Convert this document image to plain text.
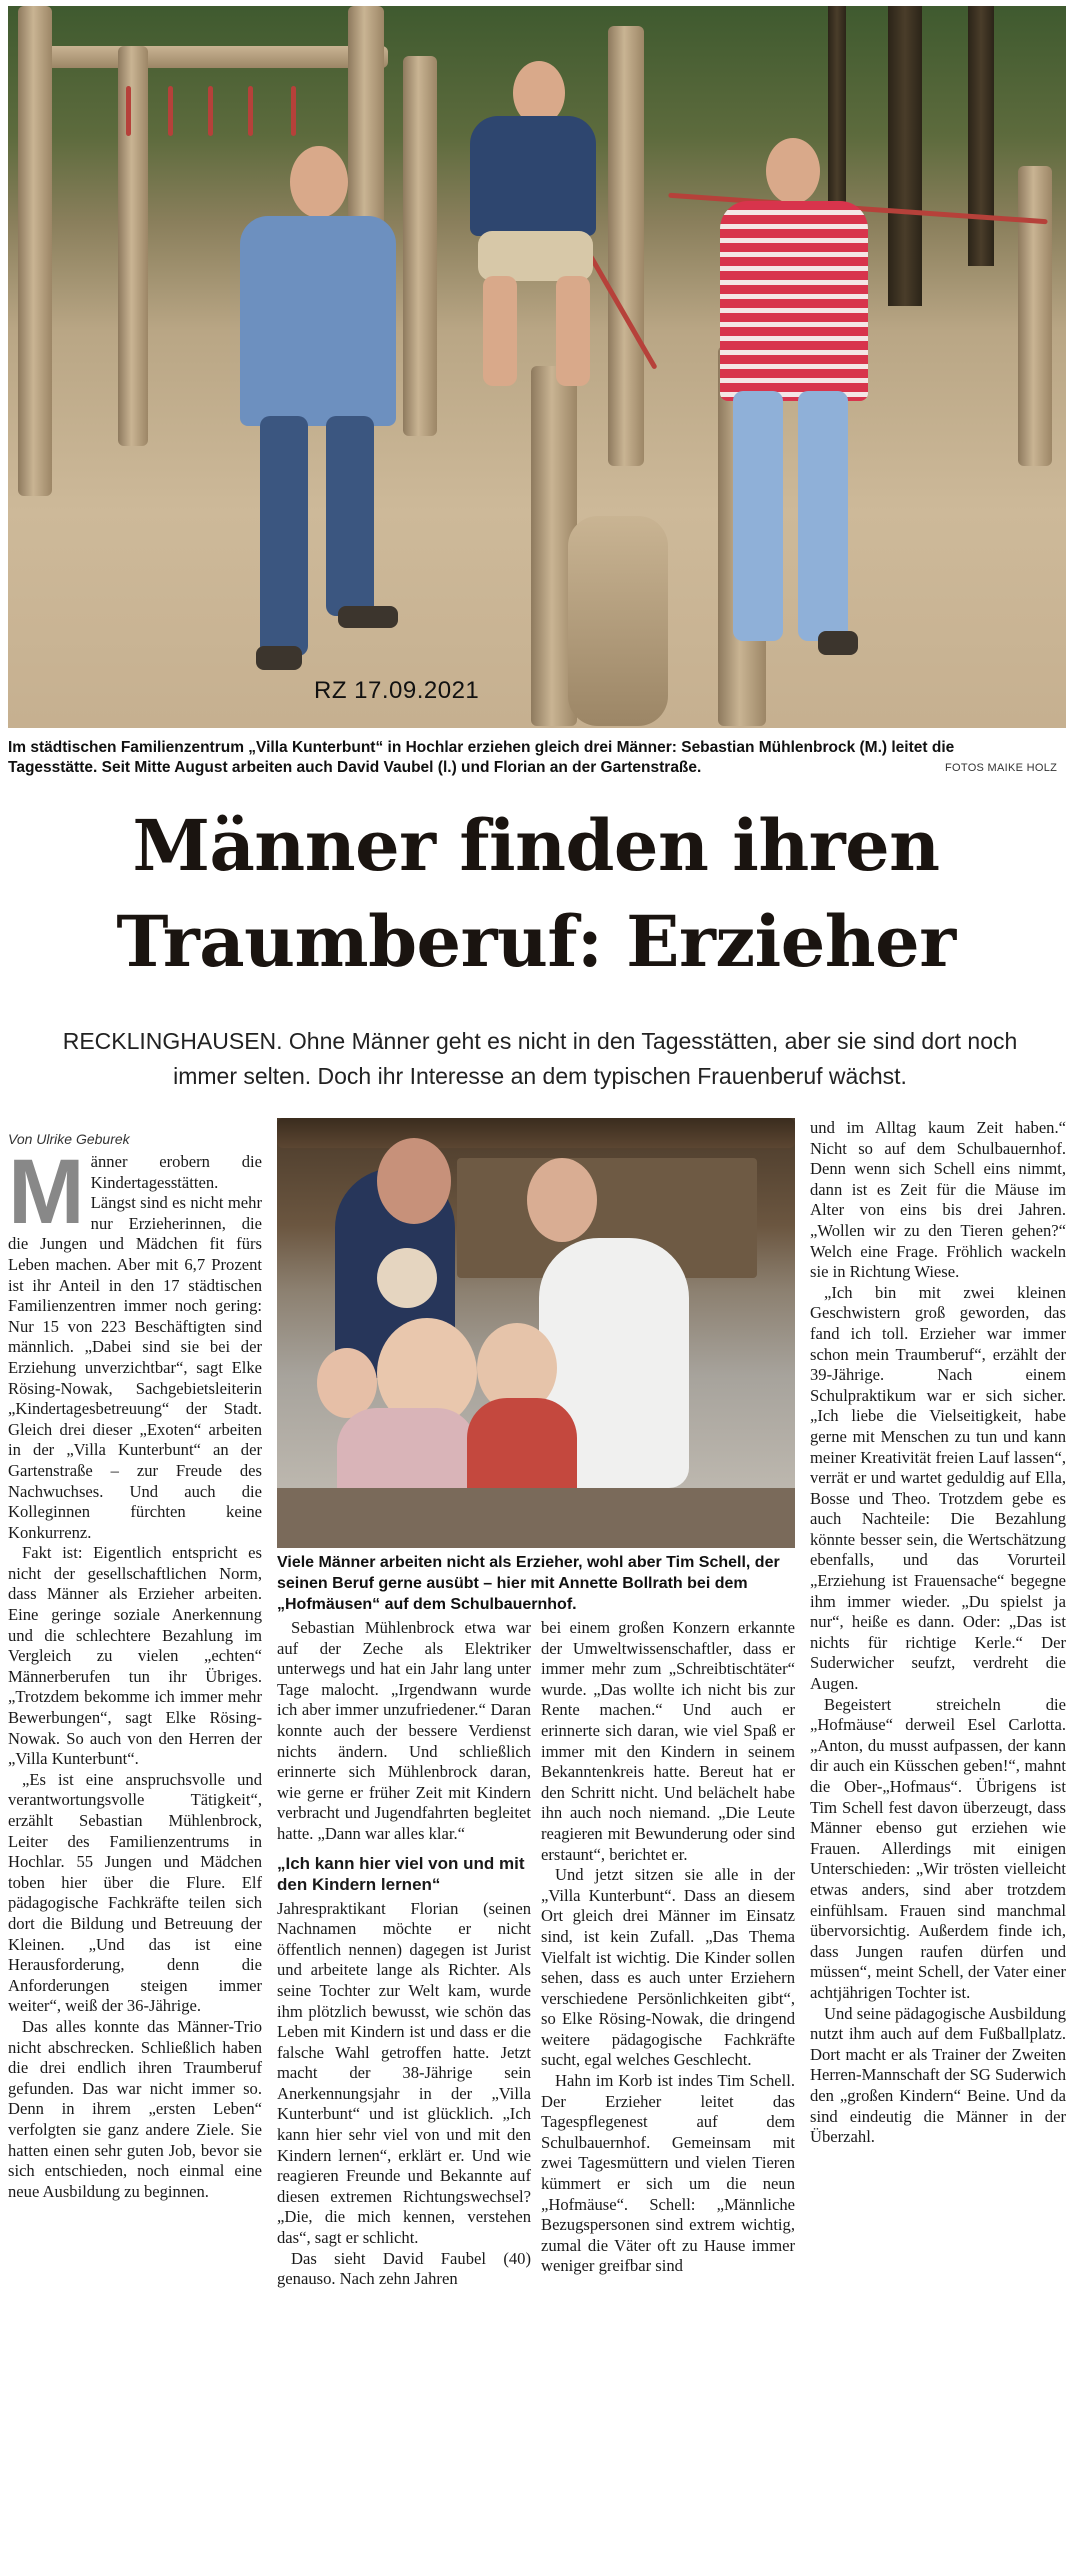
RZ 17.09.2021
Im städtischen Familienzentrum „Villa Kunterbunt“ in Hochlar erziehen gleich drei Männer: Sebastian Mühlenbrock (M.) leitet die Tagesstätte. Seit Mitte August arbeiten auch David Vaubel (l.) und Florian an der Gartenstraße.	FOTOS MAIKE HOLZ
Männer finden ihren
Traumberuf: Erzieher
RECKLINGHAUSEN. Ohne Männer geht es nicht in den Tagesstätten, aber sie sind dort noch immer selten. Doch ihr Interesse an dem typischen Frauenberuf wächst.
Von Ulrike Geburek

Männer erobern die Kindertagesstätten. Längst sind es nicht mehr nur Erzieherinnen, die die Jungen und Mädchen fit fürs Leben machen. Aber mit 6,7 Prozent ist ihr Anteil in den 17 städtischen Familienzentren immer noch gering: Nur 15 von 223 Beschäftigten sind männlich. „Dabei sind sie bei der Erziehung unverzichtbar“, sagt Elke Rösing-Nowak, Sachgebietsleiterin „Kindertagesbetreuung“ der Stadt. Gleich drei dieser „Exoten“ arbeiten in der „Villa Kunterbunt“ an der Gartenstraße – zur Freude des Nachwuchses. Und auch die Kolleginnen fürchten keine Konkurrenz.

Fakt ist: Eigentlich entspricht es nicht der gesellschaftlichen Norm, dass Männer als Erzieher arbeiten. Eine geringe soziale Anerkennung und die schlechtere Bezahlung im Vergleich zu vielen „echten“ Männerberufen tun ihr Übriges. „Trotzdem bekomme ich immer mehr Bewerbungen“, sagt Elke Rösing-Nowak. So auch von den Herren der „Villa Kunterbunt“.

„Es ist eine anspruchsvolle und verantwortungsvolle Tätigkeit“, erzählt Sebastian Mühlenbrock, Leiter des Familienzentrums in Hochlar. 55 Jungen und Mädchen toben hier über die Flure. Elf pädagogische Fachkräfte teilen sich dort die Bildung und Betreuung der Kleinen. „Und das ist eine Herausforderung, denn die Anforderungen steigen immer weiter“, weiß der 36-Jährige.

Das alles konnte das Männer-Trio nicht abschrecken. Schließlich haben die drei endlich ihren Traumberuf gefunden. Das war nicht immer so. Denn in ihrem „ersten Leben“ verfolgten sie ganz andere Ziele. Sie hatten einen sehr guten Job, bevor sie sich entschieden, noch einmal eine neue Ausbildung zu beginnen.

Viele Männer arbeiten nicht als Erzieher, wohl aber Tim Schell, der seinen Beruf gerne ausübt – hier mit Annette Bollrath bei dem „Hofmäusen“ auf dem Schulbauernhof.

Sebastian Mühlenbrock etwa war auf der Zeche als Elektriker unterwegs und hat ein Jahr lang unter Tage malocht. „Irgendwann wurde ich aber immer unzufriedener.“ Daran konnte auch der bessere Verdienst nichts ändern. Und schließlich erinnerte sich Mühlenbrock daran, wie gerne er früher Zeit mit Kindern verbracht und Jugendfahrten begleitet hatte. „Dann war alles klar.“

„Ich kann hier viel von und mit den Kindern lernen“

Jahrespraktikant Florian (seinen Nachnamen möchte er nicht öffentlich nennen) dagegen ist Jurist und arbeitete lange als Richter. Als seine Tochter zur Welt kam, wurde ihm plötzlich bewusst, wie schön das Leben mit Kindern ist und dass er die falsche Wahl getroffen hatte. Jetzt macht der 38-Jährige sein Anerkennungsjahr in der „Villa Kunterbunt“ und ist glücklich. „Ich kann hier sehr viel von und mit den Kindern lernen“, erklärt er. Und wie reagieren Freunde und Bekannte auf diesen extremen Richtungswechsel? „Die, die mich kennen, verstehen das“, sagt er schlicht.

Das sieht David Faubel (40) genauso. Nach zehn Jahren

bei einem großen Konzern erkannte der Umweltwissenschaftler, dass er immer mehr zum „Schreibtischtäter“ wurde. „Das wollte ich nicht bis zur Rente machen.“ Und auch er erinnerte sich daran, wie viel Spaß er immer mit den Kindern in seinem Bekanntenkreis hatte. Bereut hat er den Schritt nicht. Und belächelt habe ihn auch noch niemand. „Die Leute reagieren mit Bewunderung oder sind erstaunt“, berichtet er.

Und jetzt sitzen sie alle in der „Villa Kunterbunt“. Dass an diesem Ort gleich drei Männer im Einsatz sind, ist kein Zufall. „Das Thema Vielfalt ist wichtig. Die Kinder sollen sehen, dass es auch unter Erziehern verschiedene Persönlichkeiten gibt“, so Elke Rösing-Nowak, die dringend weitere pädagogische Fachkräfte sucht, egal welches Geschlecht.

Hahn im Korb ist indes Tim Schell. Der Erzieher leitet das Tagespflegenest auf dem Schulbauernhof. Gemeinsam mit zwei Tagesmüttern und vielen Tieren kümmert er sich um die neun „Hofmäuse“. Schell: „Männliche Bezugspersonen sind extrem wichtig, zumal die Väter oft zu Hause immer weniger greifbar sind

und im Alltag kaum Zeit haben.“ Nicht so auf dem Schulbauernhof. Denn wenn sich Schell eins nimmt, dann ist es Zeit für die Mäuse im Alter von eins bis drei Jahren. „Wollen wir zu den Tieren gehen?“ Welch eine Frage. Fröhlich wackeln sie in Richtung Wiese.

„Ich bin mit zwei kleinen Geschwistern groß geworden, das fand ich toll. Erzieher war immer schon mein Traumberuf“, erzählt der 39-Jährige. Nach einem Schulpraktikum war er sich sicher. „Ich liebe die Vielseitigkeit, habe gerne mit Menschen zu tun und kann meiner Kreativität freien Lauf lassen“, verrät er und wartet geduldig auf Ella, Bosse und Theo. Trotzdem gebe es auch Nachteile: Die Bezahlung könnte besser sein, die Wertschätzung ebenfalls, und das Vorurteil „Erziehung ist Frauensache“ begegne ihm immer wieder. „Du spielst ja nur“, heiße es dann. Oder: „Das ist nichts für richtige Kerle.“ Der Suderwicher seufzt, verdreht die Augen.

Begeistert streicheln die „Hofmäuse“ derweil Esel Carlotta. „Anton, du musst aufpassen, der kann dir auch ein Küsschen geben!“, mahnt die Ober-„Hofmaus“. Übrigens ist Tim Schell fest davon überzeugt, dass Männer ebenso gut erziehen wie Frauen. Allerdings mit einigen Unterschieden: „Wir trösten vielleicht etwas anders, sind aber trotzdem einfühlsam. Frauen sind manchmal übervorsichtig. Außerdem finde ich, dass Jungen raufen dürfen und müssen“, meint Schell, der Vater einer achtjährigen Tochter ist.

Und seine pädagogische Ausbildung nutzt ihm auch auf dem Fußballplatz. Dort macht er als Trainer der Zweiten Herren-Mannschaft der SG Suderwich den „großen Kindern“ Beine. Und da sind eindeutig die Männer in der Überzahl.
